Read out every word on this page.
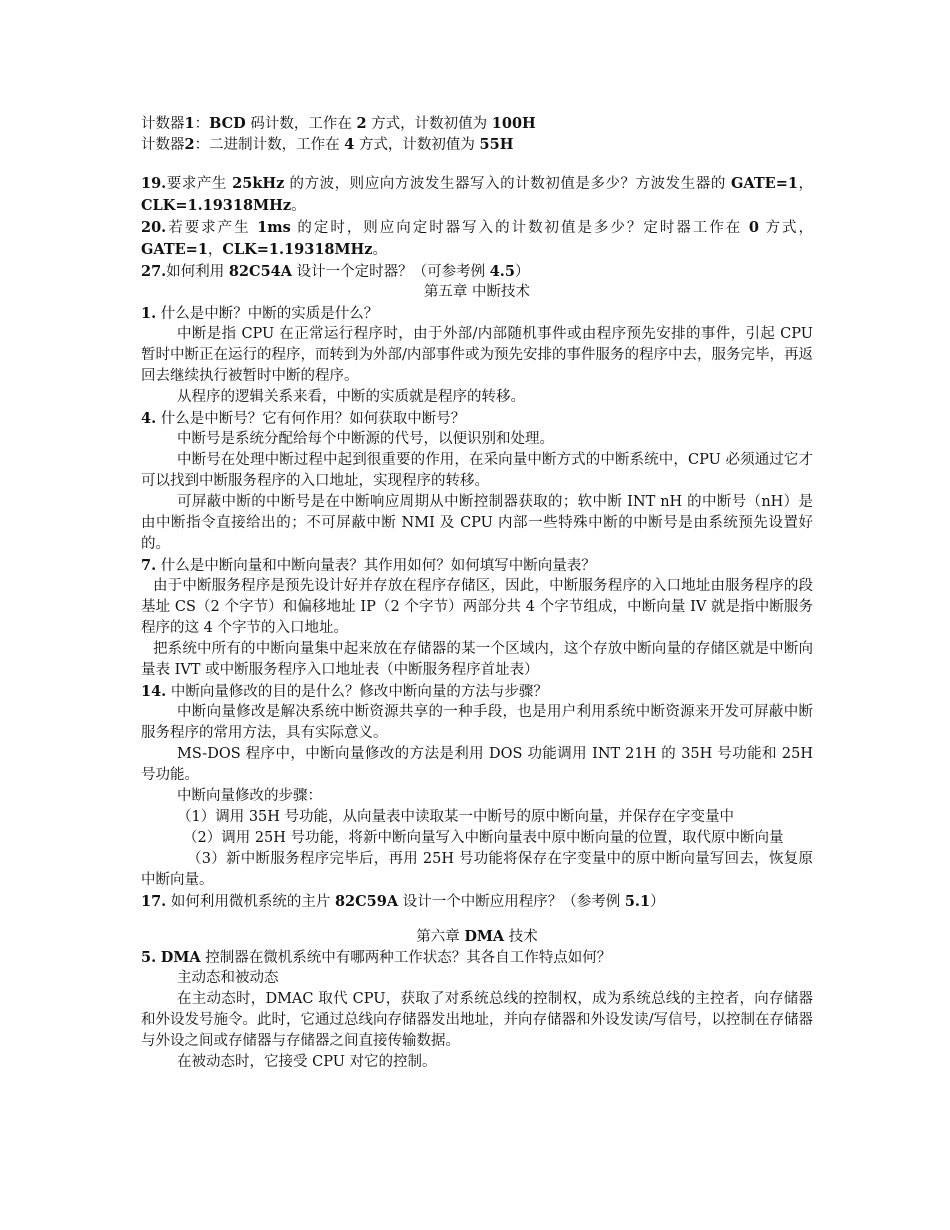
计数器1：BCD 码计数，工作在 2 方式，计数初值为 100H
计数器2：二进制计数，工作在 4 方式，计数初值为 55H
19.要求产生 25kHz 的方波，则应向方波发生器写入的计数初值是多少？方波发生器的 GATE=1，CLK=1.19318MHz。
20.若要求产生 1ms 的定时，则应向定时器写入的计数初值是多少？定时器工作在 0 方式，GATE=1，CLK=1.19318MHz。
27.如何利用 82C54A 设计一个定时器？（可参考例 4.5）
第五章 中断技术
1. 什么是中断？中断的实质是什么？
中断是指 CPU 在正常运行程序时，由于外部/内部随机事件或由程序预先安排的事件，引起 CPU 暂时中断正在运行的程序，而转到为外部/内部事件或为预先安排的事件服务的程序中去，服务完毕，再返回去继续执行被暂时中断的程序。
从程序的逻辑关系来看，中断的实质就是程序的转移。
4. 什么是中断号？它有何作用？如何获取中断号？
中断号是系统分配给每个中断源的代号，以便识别和处理。
中断号在处理中断过程中起到很重要的作用，在采向量中断方式的中断系统中，CPU 必须通过它才可以找到中断服务程序的入口地址，实现程序的转移。
可屏蔽中断的中断号是在中断响应周期从中断控制器获取的；软中断 INT nH 的中断号（nH）是由中断指令直接给出的；不可屏蔽中断 NMI 及 CPU 内部一些特殊中断的中断号是由系统预先设置好的。
7. 什么是中断向量和中断向量表？其作用如何？如何填写中断向量表？
由于中断服务程序是预先设计好并存放在程序存储区，因此，中断服务程序的入口地址由服务程序的段基址 CS（2 个字节）和偏移地址 IP（2 个字节）两部分共 4 个字节组成，中断向量 IV 就是指中断服务程序的这 4 个字节的入口地址。
把系统中所有的中断向量集中起来放在存储器的某一个区域内，这个存放中断向量的存储区就是中断向量表 IVT 或中断服务程序入口地址表（中断服务程序首址表）
14. 中断向量修改的目的是什么？修改中断向量的方法与步骤？
中断向量修改是解决系统中断资源共享的一种手段，也是用户利用系统中断资源来开发可屏蔽中断服务程序的常用方法，具有实际意义。
MS-DOS 程序中，中断向量修改的方法是利用 DOS 功能调用 INT 21H 的 35H 号功能和 25H 号功能。
中断向量修改的步骤：
（1）调用 35H 号功能，从向量表中读取某一中断号的原中断向量，并保存在字变量中
（2）调用 25H 号功能，将新中断向量写入中断向量表中原中断向量的位置，取代原中断向量
（3）新中断服务程序完毕后，再用 25H 号功能将保存在字变量中的原中断向量写回去，恢复原中断向量。
17. 如何利用微机系统的主片 82C59A 设计一个中断应用程序？（参考例 5.1）
第六章 DMA 技术
5. DMA 控制器在微机系统中有哪两种工作状态？其各自工作特点如何？
主动态和被动态
在主动态时，DMAC 取代 CPU，获取了对系统总线的控制权，成为系统总线的主控者，向存储器和外设发号施令。此时，它通过总线向存储器发出地址，并向存储器和外设发读/写信号，以控制在存储器与外设之间或存储器与存储器之间直接传输数据。
在被动态时，它接受 CPU 对它的控制。
